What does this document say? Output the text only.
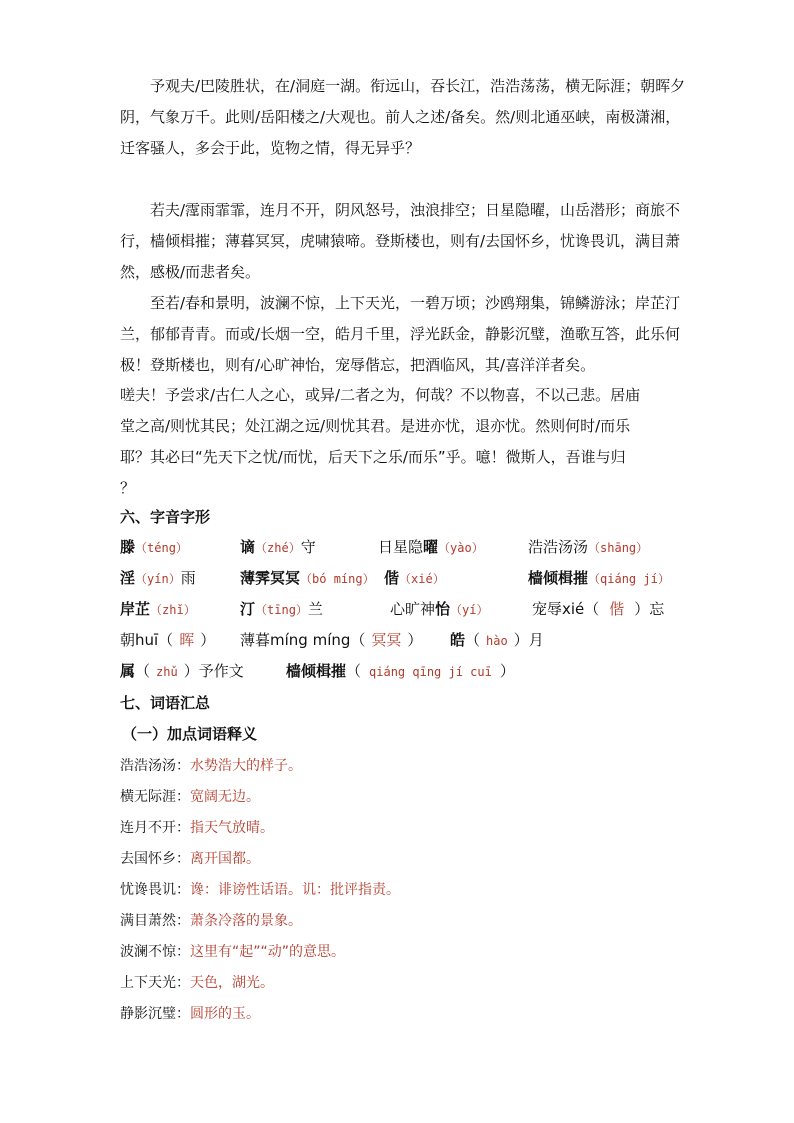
予观夫/巴陵胜状，在/洞庭一湖。衔远山，吞长江，浩浩荡荡，横无际涯；朝晖夕
阴，气象万千。此则/岳阳楼之/大观也。前人之述/备矣。然/则北通巫峡，南极潇湘，
迁客骚人，多会于此，览物之情，得无异乎？
若夫/霪雨霏霏，连月不开，阴风怒号，浊浪排空；日星隐曜，山岳潜形；商旅不
行，樯倾楫摧；薄暮冥冥，虎啸猿啼。登斯楼也，则有/去国怀乡，忧谗畏讥，满目萧
然，感极/而悲者矣。
至若/春和景明，波澜不惊，上下天光，一碧万顷；沙鸥翔集，锦鳞游泳；岸芷汀
兰，郁郁青青。而或/长烟一空，皓月千里，浮光跃金，静影沉璧，渔歌互答，此乐何
极！登斯楼也，则有/心旷神怡，宠辱偕忘，把酒临风，其/喜洋洋者矣。
嗟夫！予尝求/古仁人之心，或异/二者之为，何哉？不以物喜，不以己悲。居庙
堂之高/则忧其民；处江湖之远/则忧其君。是进亦忧，退亦忧。然则何时/而乐
耶？其必曰“先天下之忧/而忧，后天下之乐/而乐”乎。噫！微斯人，吾谁与归
？
六、字音字形
滕（téng）	谪（zhé）守	日星隐曜（yào）	浩浩汤汤（shāng）
淫（yín）雨	薄霁冥冥（bó míng） 偕（xié）	樯倾楫摧（qiáng jí）
岸芷（zhǐ）	汀（tīng）兰	心旷神怡（yí）	宠辱xié（ 偕 ）忘
朝huī（ 晖 ） 薄暮míng míng（ 冥冥 ） 皓（ hào ）月
属（ zhǔ ）予作文	樯倾楫摧（ qiáng qīng jí cuī ）
七、词语汇总
（一）加点词语释义
浩浩汤汤：水势浩大的样子。
横无际涯：宽阔无边。
连月不开：指天气放晴。
去国怀乡：离开国都。
忧谗畏讥：谗：诽谤性话语。讥：批评指责。
满目萧然：萧条冷落的景象。
波澜不惊：这里有“起”“动”的意思。
上下天光：天色，湖光。
静影沉璧：圆形的玉。
